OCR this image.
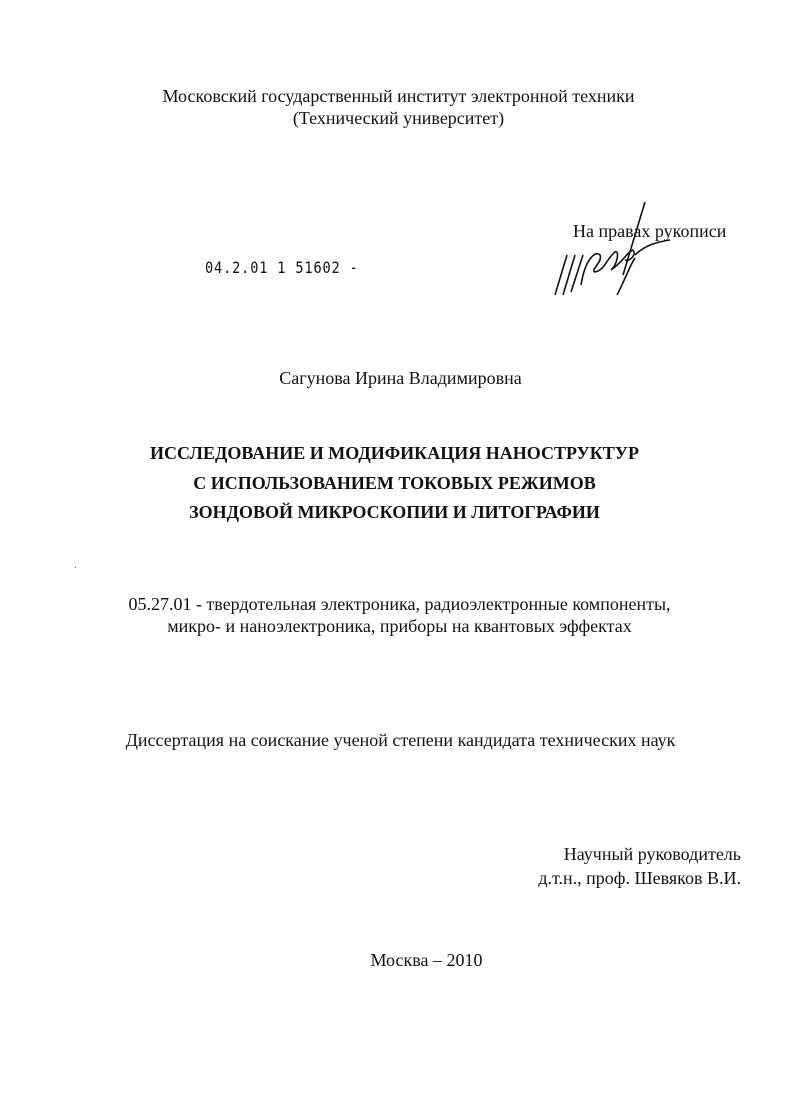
Московский государственный институт электронной техники
(Технический университет)
На правах рукописи
04.2.01 1 51602 -
Сагунова Ирина Владимировна
ИССЛЕДОВАНИЕ И МОДИФИКАЦИЯ НАНОСТРУКТУР
С ИСПОЛЬЗОВАНИЕМ ТОКОВЫХ РЕЖИМОВ
ЗОНДОВОЙ МИКРОСКОПИИ И ЛИТОГРАФИИ
05.27.01 - твердотельная электроника, радиоэлектронные компоненты,
микро- и наноэлектроника, приборы на квантовых эффектах
Диссертация на соискание ученой степени кандидата технических наук
Научный руководитель
д.т.н., проф. Шевяков В.И.
Москва – 2010
